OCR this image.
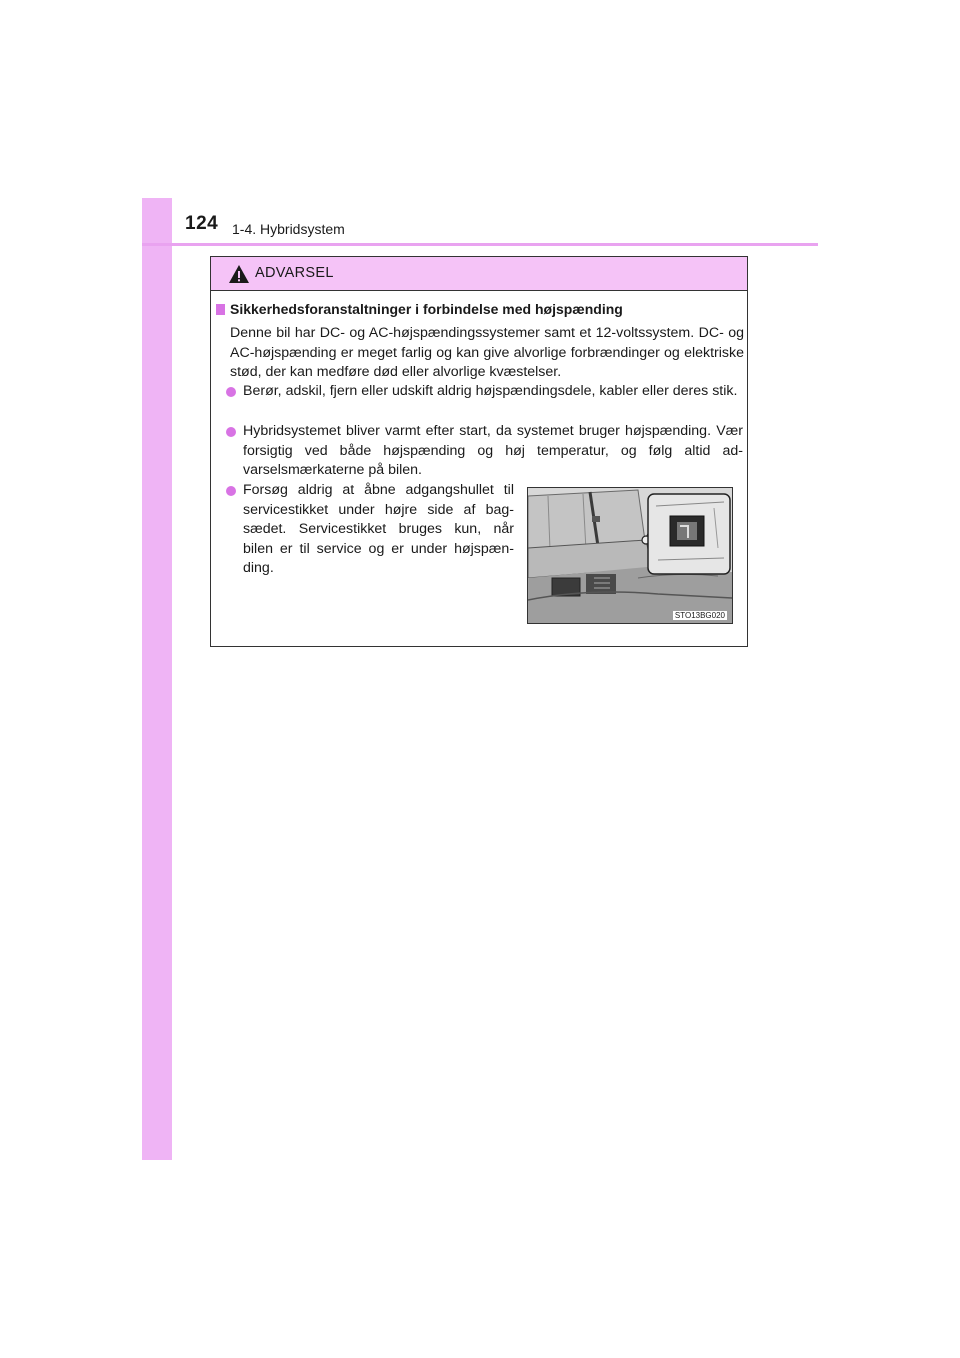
124 1-4. Hybridsystem
ADVARSEL
Sikkerhedsforanstaltninger i forbindelse med højspænding
Denne bil har DC- og AC-højspændingssystemer samt et 12-voltssystem. DC- og AC-højspænding er meget farlig og kan give alvorlige forbrændinger og elektriske stød, der kan medføre død eller alvorlige kvæstelser.
Berør, adskil, fjern eller udskift aldrig højspændingsdele, kabler eller deres stik.
Hybridsystemet bliver varmt efter start, da systemet bruger højspænding. Vær forsigtig ved både højspænding og høj temperatur, og følg altid ad-varselsmærkaterne på bilen.
Forsøg aldrig at åbne adgangshullet til servicestikket under højre side af bag-sædet. Servicestikket bruges kun, når bilen er til service og er under højspæn-ding.
STO13BG020
